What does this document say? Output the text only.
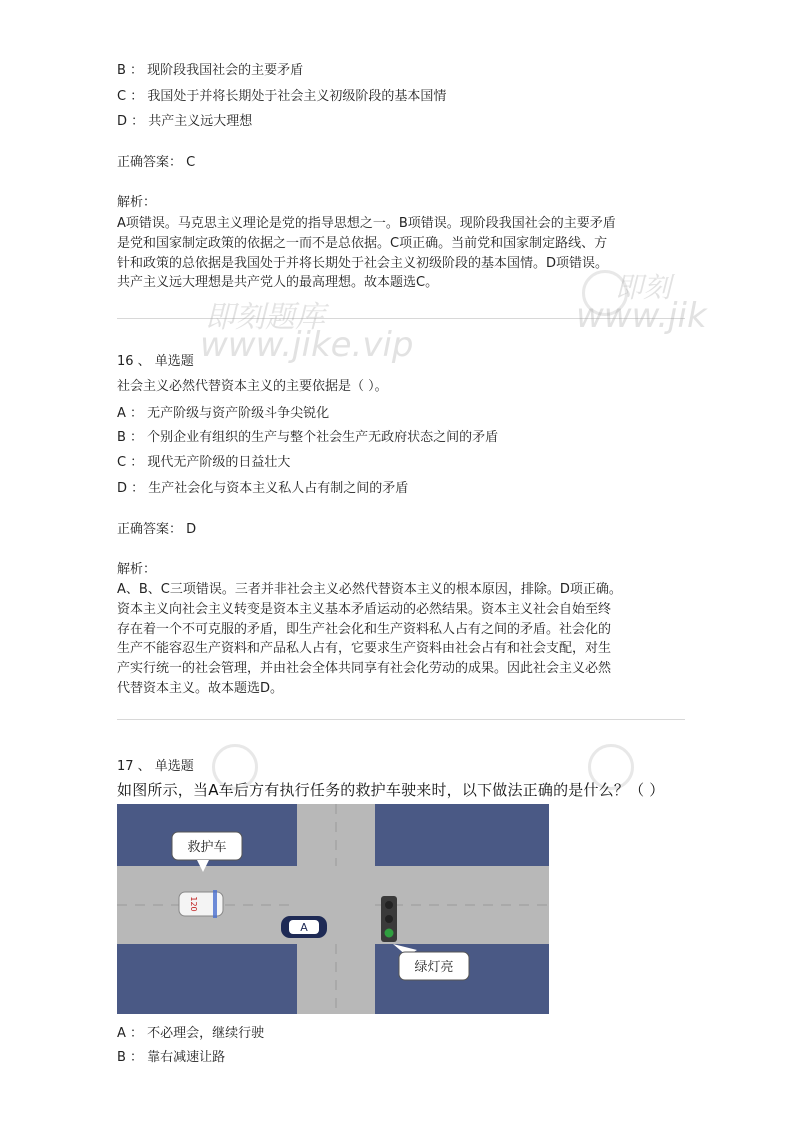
B ： 现阶段我国社会的主要矛盾
C ： 我国处于并将长期处于社会主义初级阶段的基本国情
D ： 共产主义远大理想
正确答案： C
解析：
A项错误。马克思主义理论是党的指导思想之一。B项错误。现阶段我国社会的主要矛盾
是党和国家制定政策的依据之一而不是总依据。C项正确。当前党和国家制定路线、方
针和政策的总依据是我国处于并将长期处于社会主义初级阶段的基本国情。D项错误。
共产主义远大理想是共产党人的最高理想。故本题选C。
16 、 单选题
社会主义必然代替资本主义的主要依据是（ ）。
A ： 无产阶级与资产阶级斗争尖锐化
B ： 个别企业有组织的生产与整个社会生产无政府状态之间的矛盾
C ： 现代无产阶级的日益壮大
D ： 生产社会化与资本主义私人占有制之间的矛盾
正确答案： D
解析：
A、B、C三项错误。三者并非社会主义必然代替资本主义的根本原因，排除。D项正确。
资本主义向社会主义转变是资本主义基本矛盾运动的必然结果。资本主义社会自始至终
存在着一个不可克服的矛盾，即生产社会化和生产资料私人占有之间的矛盾。社会化的
生产不能容忍生产资料和产品私人占有，它要求生产资料由社会占有和社会支配，对生
产实行统一的社会管理，并由社会全体共同享有社会化劳动的成果。因此社会主义必然
代替资本主义。故本题选D。
17 、 单选题
如图所示，当A车后方有执行任务的救护车驶来时，以下做法正确的是什么？（ ）
救护车
120
A
绿灯亮
A ： 不必理会，继续行驶
B ： 靠右减速让路
即刻
即刻题库
www.jike.vip
www.jik
